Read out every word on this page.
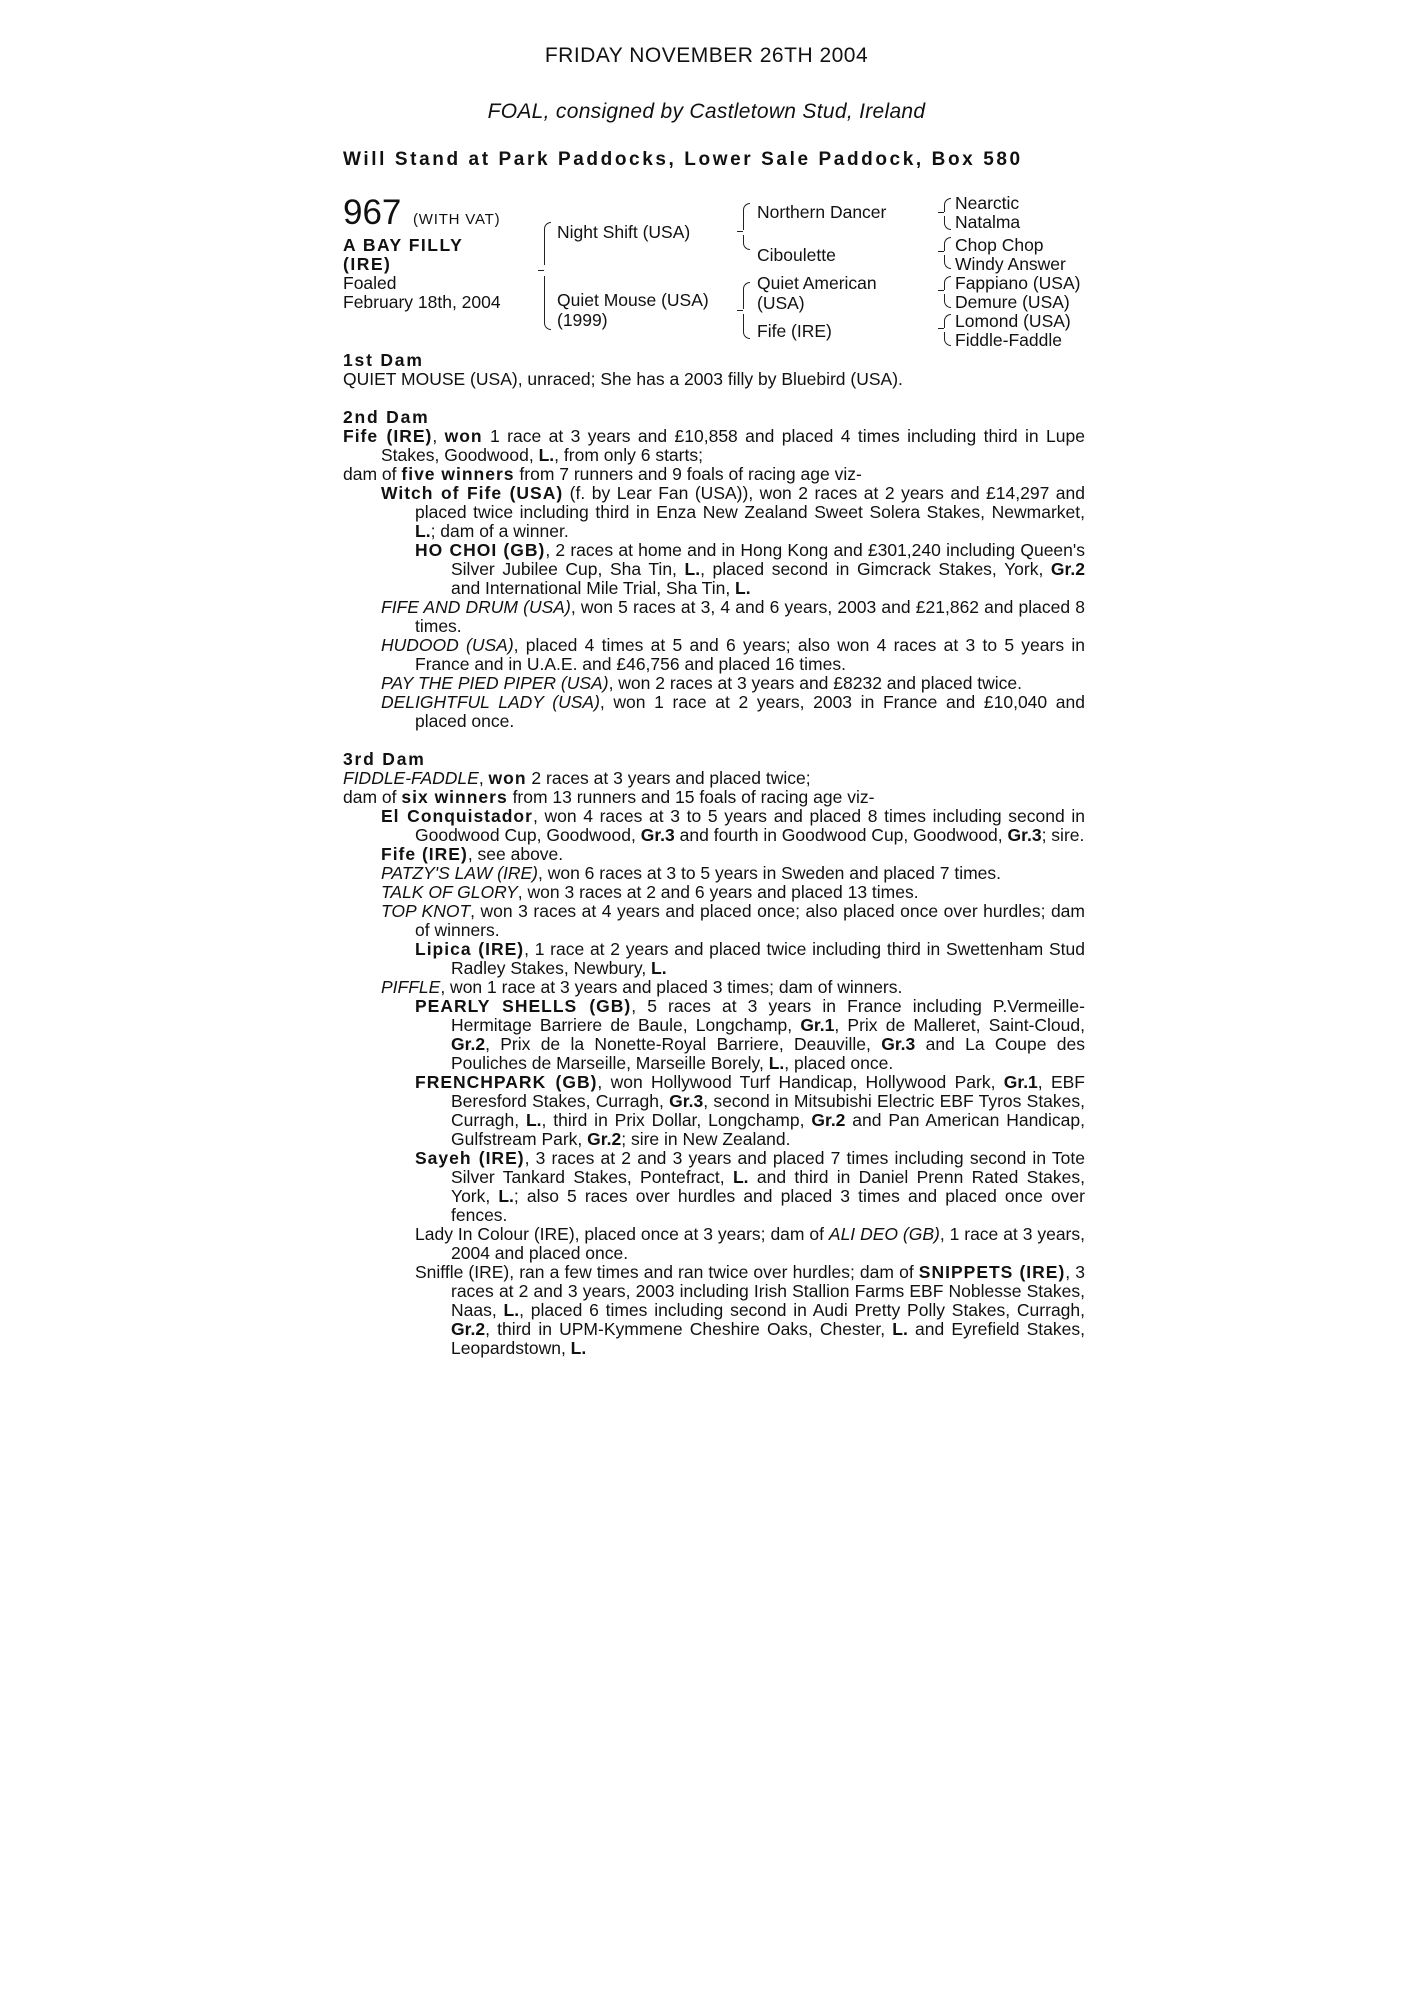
FRIDAY NOVEMBER 26TH 2004
FOAL, consigned by Castletown Stud, Ireland
Will Stand at Park Paddocks, Lower Sale Paddock, Box 580
967 (WITH VAT)
A BAY FILLY
(IRE)
Foaled
February 18th, 2004
Night Shift (USA)
Quiet Mouse (USA)
(1999)
Northern Dancer
Ciboulette
Quiet American
(USA)
Fife (IRE)
Nearctic
Natalma
Chop Chop
Windy Answer
Fappiano (USA)
Demure (USA)
Lomond (USA)
Fiddle-Faddle
1st Dam
QUIET MOUSE (USA), unraced; She has a 2003 filly by Bluebird (USA).
2nd Dam

Fife (IRE), won 1 race at 3 years and £10,858 and placed 4 times including third in Lupe Stakes, Goodwood, L., from only 6 starts;

dam of five winners from 7 runners and 9 foals of racing age viz-

Witch of Fife (USA) (f. by Lear Fan (USA)), won 2 races at 2 years and £14,297 and placed twice including third in Enza New Zealand Sweet Solera Stakes, Newmarket, L.; dam of a winner.

HO CHOI (GB), 2 races at home and in Hong Kong and £301,240 including Queen's Silver Jubilee Cup, Sha Tin, L., placed second in Gimcrack Stakes, York, Gr.2 and International Mile Trial, Sha Tin, L.

FIFE AND DRUM (USA), won 5 races at 3, 4 and 6 years, 2003 and £21,862 and placed 8 times.

HUDOOD (USA), placed 4 times at 5 and 6 years; also won 4 races at 3 to 5 years in France and in U.A.E. and £46,756 and placed 16 times.

PAY THE PIED PIPER (USA), won 2 races at 3 years and £8232 and placed twice.

DELIGHTFUL LADY (USA), won 1 race at 2 years, 2003 in France and £10,040 and placed once.

3rd Dam

FIDDLE-FADDLE, won 2 races at 3 years and placed twice;

dam of six winners from 13 runners and 15 foals of racing age viz-

El Conquistador, won 4 races at 3 to 5 years and placed 8 times including second in Goodwood Cup, Goodwood, Gr.3 and fourth in Goodwood Cup, Goodwood, Gr.3; sire.

Fife (IRE), see above.

PATZY'S LAW (IRE), won 6 races at 3 to 5 years in Sweden and placed 7 times.

TALK OF GLORY, won 3 races at 2 and 6 years and placed 13 times.

TOP KNOT, won 3 races at 4 years and placed once; also placed once over hurdles; dam of winners.

Lipica (IRE), 1 race at 2 years and placed twice including third in Swettenham Stud Radley Stakes, Newbury, L.

PIFFLE, won 1 race at 3 years and placed 3 times; dam of winners.

PEARLY SHELLS (GB), 5 races at 3 years in France including P.Vermeille-Hermitage Barriere de Baule, Longchamp, Gr.1, Prix de Malleret, Saint-Cloud, Gr.2, Prix de la Nonette-Royal Barriere, Deauville, Gr.3 and La Coupe des Pouliches de Marseille, Marseille Borely, L., placed once.

FRENCHPARK (GB), won Hollywood Turf Handicap, Hollywood Park, Gr.1, EBF Beresford Stakes, Curragh, Gr.3, second in Mitsubishi Electric EBF Tyros Stakes, Curragh, L., third in Prix Dollar, Longchamp, Gr.2 and Pan American Handicap, Gulfstream Park, Gr.2; sire in New Zealand.

Sayeh (IRE), 3 races at 2 and 3 years and placed 7 times including second in Tote Silver Tankard Stakes, Pontefract, L. and third in Daniel Prenn Rated Stakes, York, L.; also 5 races over hurdles and placed 3 times and placed once over fences.

Lady In Colour (IRE), placed once at 3 years; dam of ALI DEO (GB), 1 race at 3 years, 2004 and placed once.

Sniffle (IRE), ran a few times and ran twice over hurdles; dam of SNIPPETS (IRE), 3 races at 2 and 3 years, 2003 including Irish Stallion Farms EBF Noblesse Stakes, Naas, L., placed 6 times including second in Audi Pretty Polly Stakes, Curragh, Gr.2, third in UPM-Kymmene Cheshire Oaks, Chester, L. and Eyrefield Stakes, Leopardstown, L.
